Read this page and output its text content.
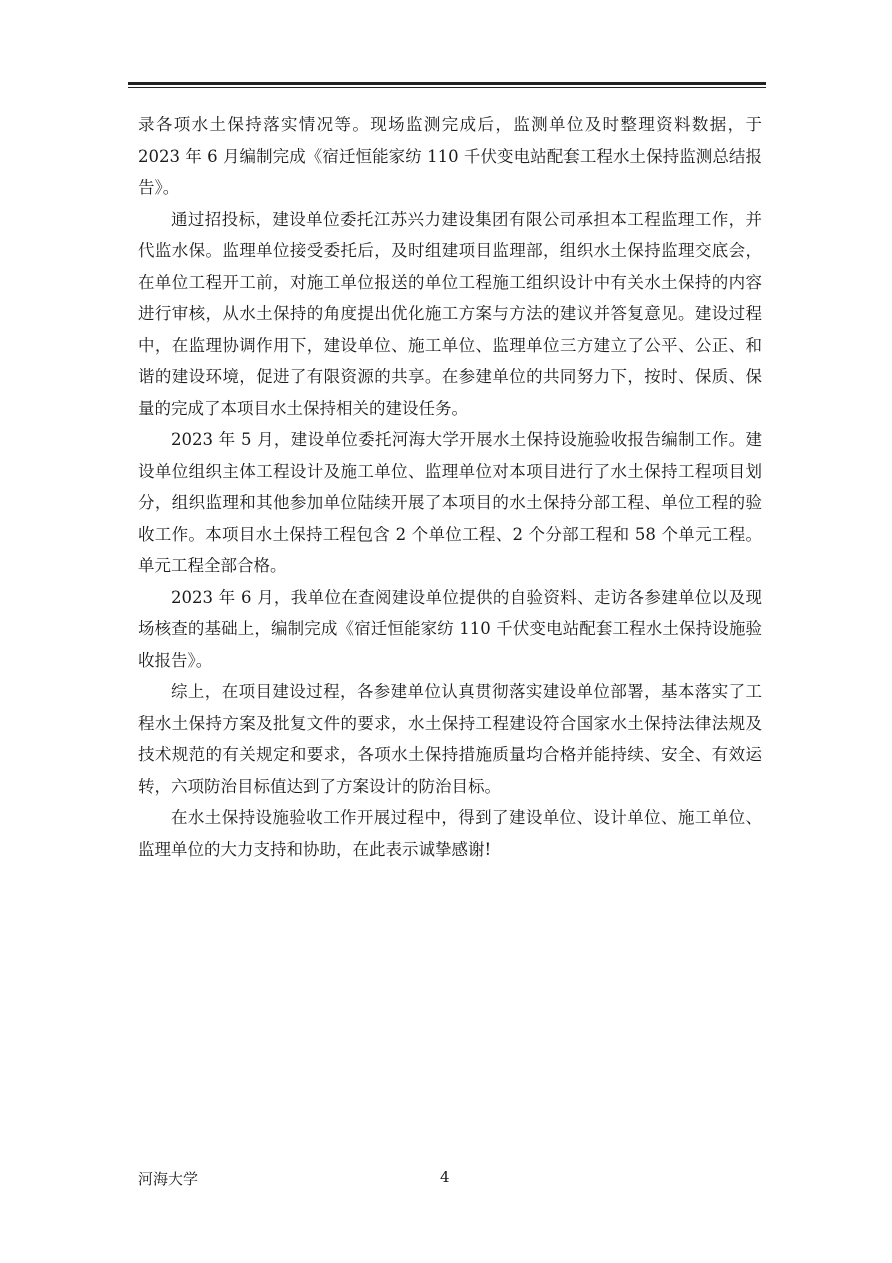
录各项水土保持落实情况等。现场监测完成后，监测单位及时整理资料数据，于 2023 年 6 月编制完成《宿迁恒能家纺 110 千伏变电站配套工程水土保持监测总结报告》。

通过招投标，建设单位委托江苏兴力建设集团有限公司承担本工程监理工作，并代监水保。监理单位接受委托后，及时组建项目监理部，组织水土保持监理交底会，在单位工程开工前，对施工单位报送的单位工程施工组织设计中有关水土保持的内容进行审核，从水土保持的角度提出优化施工方案与方法的建议并答复意见。建设过程中，在监理协调作用下，建设单位、施工单位、监理单位三方建立了公平、公正、和谐的建设环境，促进了有限资源的共享。在参建单位的共同努力下，按时、保质、保量的完成了本项目水土保持相关的建设任务。

2023 年 5 月，建设单位委托河海大学开展水土保持设施验收报告编制工作。建设单位组织主体工程设计及施工单位、监理单位对本项目进行了水土保持工程项目划分，组织监理和其他参加单位陆续开展了本项目的水土保持分部工程、单位工程的验收工作。本项目水土保持工程包含 2 个单位工程、2 个分部工程和 58 个单元工程。单元工程全部合格。

2023 年 6 月，我单位在查阅建设单位提供的自验资料、走访各参建单位以及现场核查的基础上，编制完成《宿迁恒能家纺 110 千伏变电站配套工程水土保持设施验收报告》。

综上，在项目建设过程，各参建单位认真贯彻落实建设单位部署，基本落实了工程水土保持方案及批复文件的要求，水土保持工程建设符合国家水土保持法律法规及技术规范的有关规定和要求，各项水土保持措施质量均合格并能持续、安全、有效运转，六项防治目标值达到了方案设计的防治目标。

在水土保持设施验收工作开展过程中，得到了建设单位、设计单位、施工单位、监理单位的大力支持和协助，在此表示诚挚感谢!

河海大学	4
